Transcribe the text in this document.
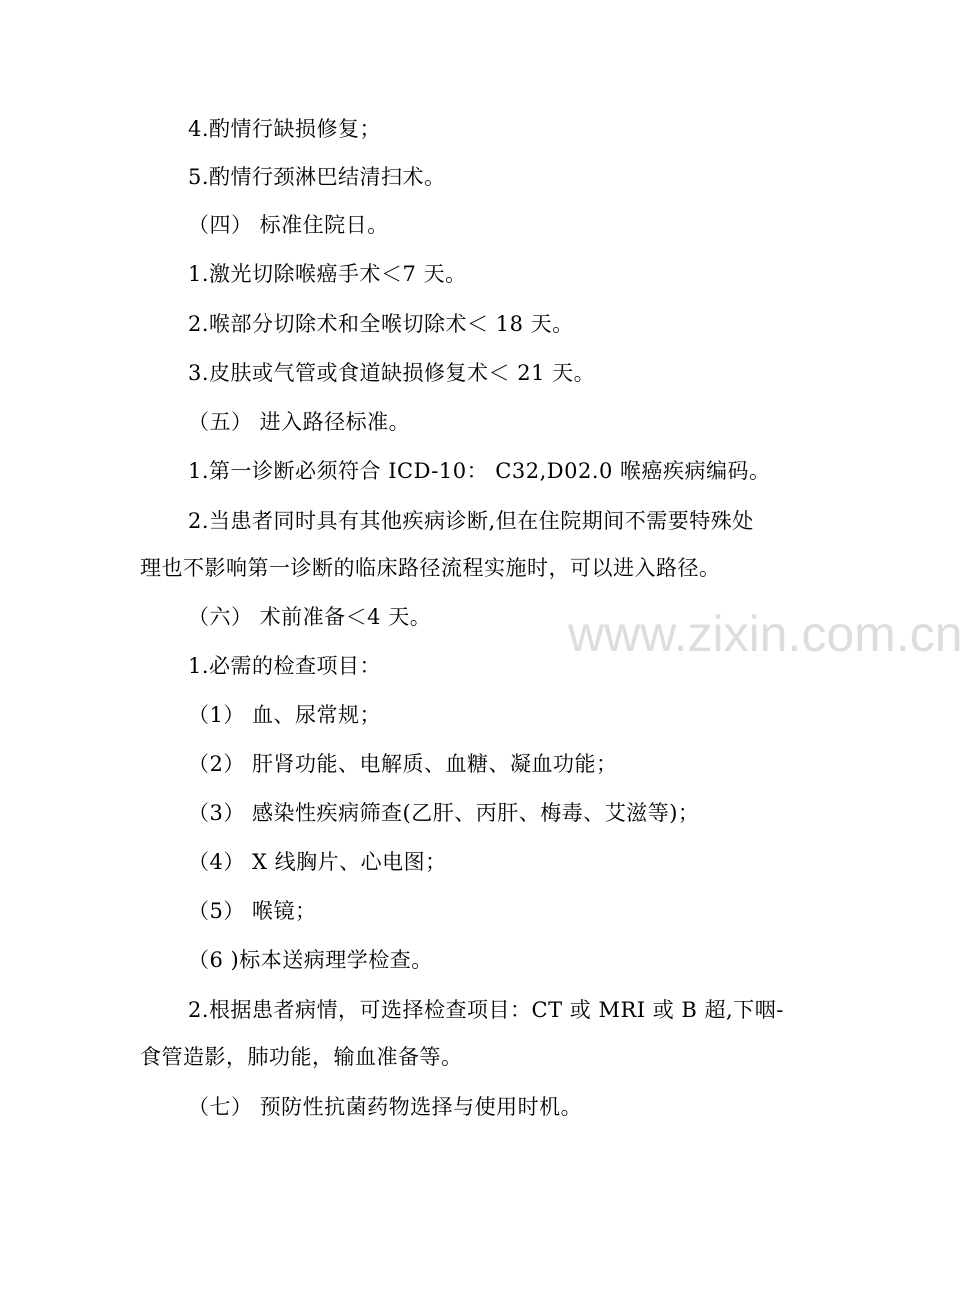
4.酌情行缺损修复；
5.酌情行颈淋巴结清扫术。
（四） 标准住院日。
1.激光切除喉癌手术＜7 天。
2.喉部分切除术和全喉切除术＜ 18 天。
3.皮肤或气管或食道缺损修复术＜ 21 天。
（五） 进入路径标准。
1.第一诊断必须符合 ICD-10： C32,D02.0 喉癌疾病编码。
2.当患者同时具有其他疾病诊断,但在住院期间不需要特殊处
理也不影响第一诊断的临床路径流程实施时，可以进入路径。
（六） 术前准备＜4 天。
1.必需的检查项目：
（1） 血、尿常规；
（2） 肝肾功能、电解质、血糖、凝血功能；
（3） 感染性疾病筛查(乙肝、丙肝、梅毒、艾滋等)；
（4） X 线胸片、心电图；
（5） 喉镜；
（6 )标本送病理学检查。
2.根据患者病情，可选择检查项目：CT 或 MRI 或 B 超,下咽-
食管造影，肺功能，输血准备等。
（七） 预防性抗菌药物选择与使用时机。
www.zixin.com.cn
